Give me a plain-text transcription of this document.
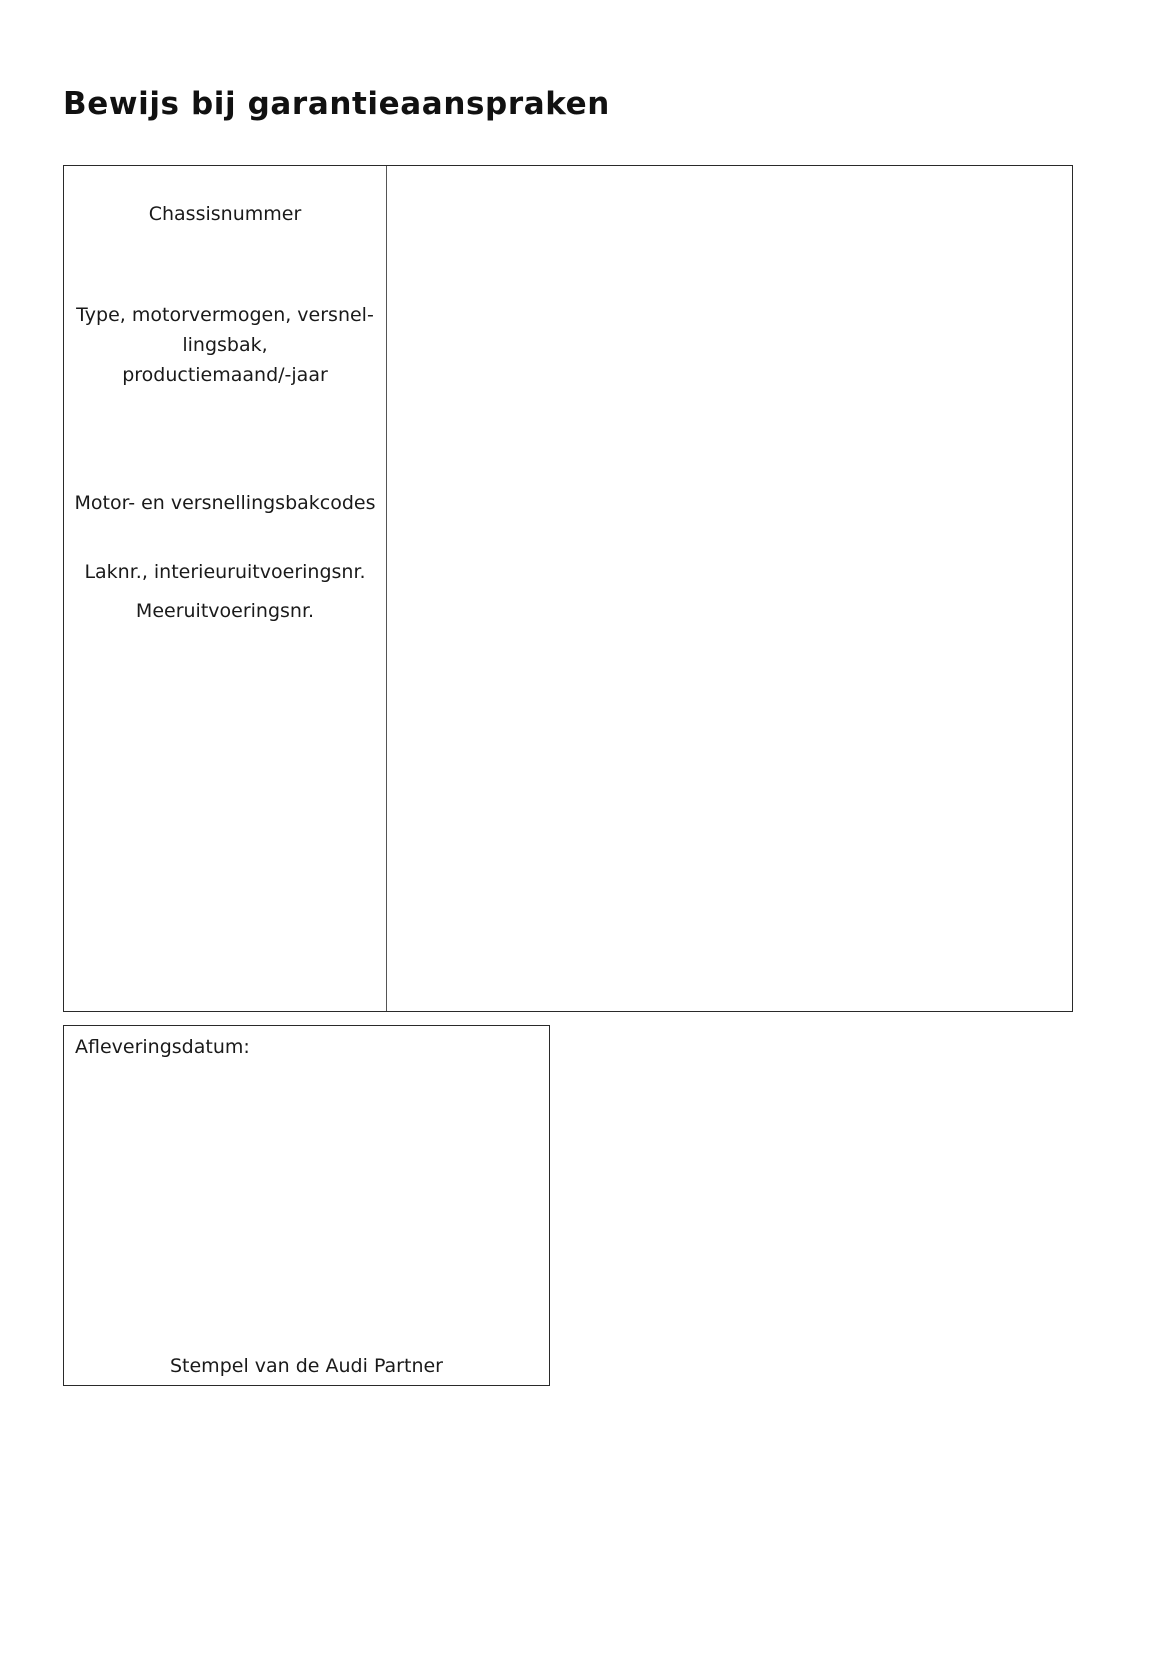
Bewijs bij garantieaanspraken
Chassisnummer
Type, motorvermogen, versnel-
lingsbak,
productiemaand/-jaar
Motor- en versnellingsbakcodes
Laknr., interieuruitvoeringsnr.
Meeruitvoeringsnr.
Afleveringsdatum:
Stempel van de Audi Partner
